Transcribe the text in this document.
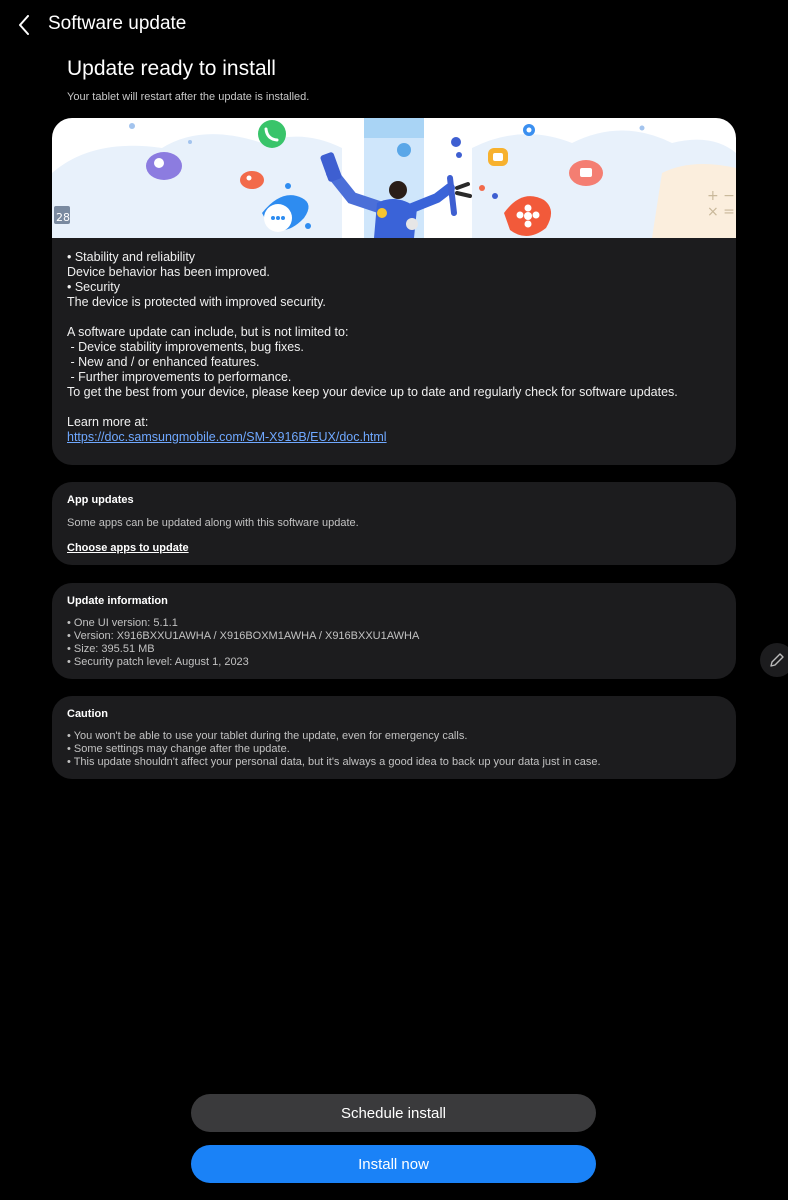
Software update
Update ready to install
Your tablet will restart after the update is installed.
28
+ −
× =
• Stability and reliability
Device behavior has been improved.
• Security
The device is protected with improved security.
A software update can include, but is not limited to:
- Device stability improvements, bug fixes.
- New and / or enhanced features.
- Further improvements to performance.
To get the best from your device, please keep your device up to date and regularly check for software updates.
Learn more at:
https://doc.samsungmobile.com/SM-X916B/EUX/doc.html
App updates
Some apps can be updated along with this software update.
Choose apps to update
Update information
• One UI version: 5.1.1
• Version: X916BXXU1AWHA / X916BOXM1AWHA / X916BXXU1AWHA
• Size: 395.51 MB
• Security patch level: August 1, 2023
Caution
• You won't be able to use your tablet during the update, even for emergency calls.
• Some settings may change after the update.
• This update shouldn't affect your personal data, but it's always a good idea to back up your data just in case.
Schedule install
Install now
